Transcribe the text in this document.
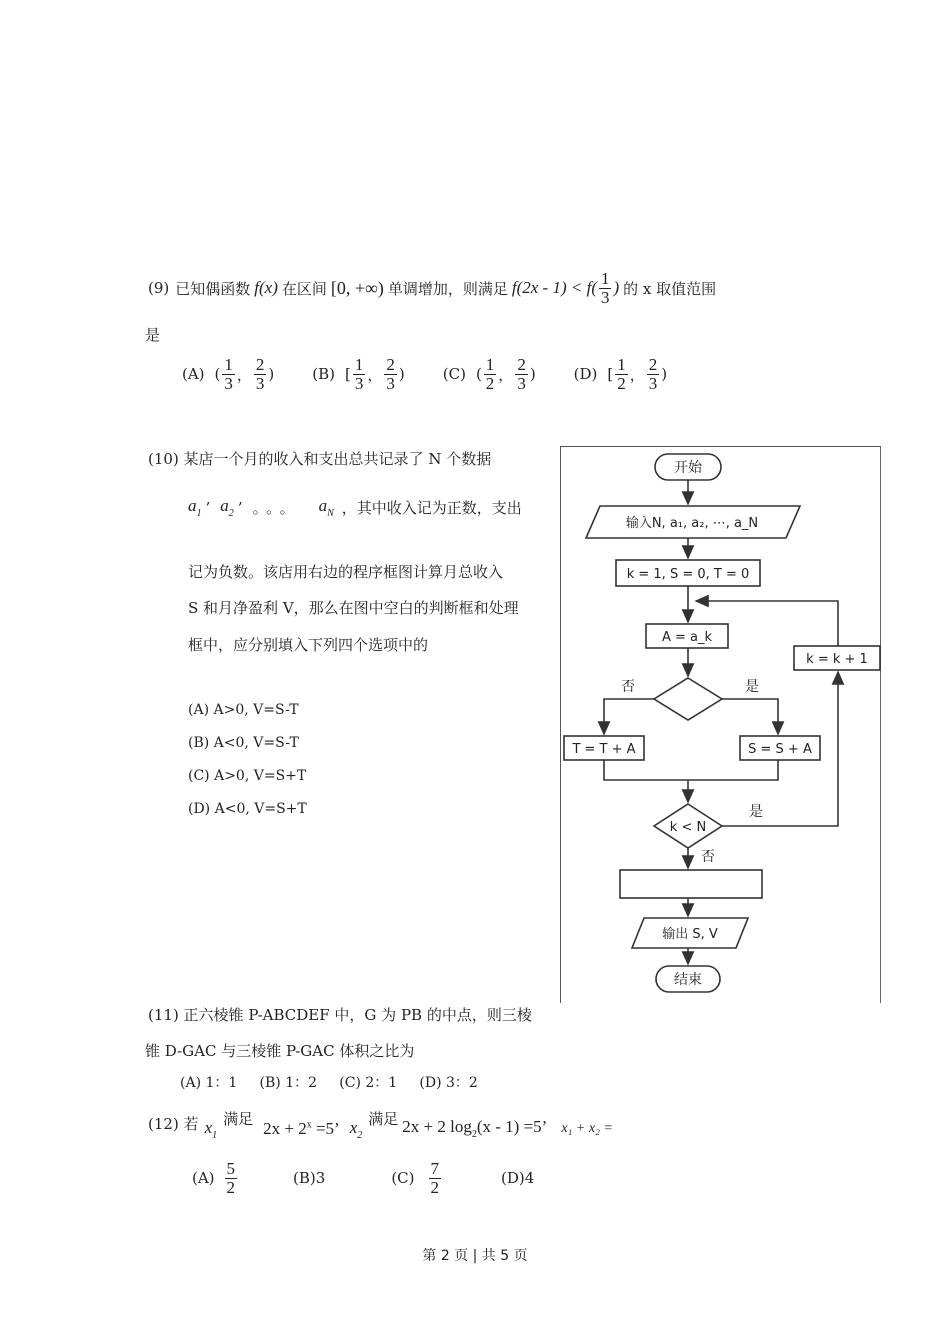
(9) 已知偶函数 f(x) 在区间 [0, +∞) 单调增加，则满足 $f(2x - 1) < f( \frac{1}{3}$ ) 的 x 取值范围
是
(A) ( $\frac{1}{3}$ ， $\frac{2}{3}$ )	(B) [ $\frac{1}{3}$ ， $\frac{2}{3}$ )	(C) ( $\frac{1}{2}$ ， $\frac{2}{3}$ )	(D) [ $\frac{1}{2}$ ， $\frac{2}{3}$ )
(10) 某店一个月的收入和支出总共记录了 N 个数据
$a_1$ ’ $a_2$ ’ 。。。 $a_N$ ，其中收入记为正数，支出
记为负数。该店用右边的程序框图计算月总收入
S 和月净盈利 V，那么在图中空白的判断框和处理
框中，应分别填入下列四个选项中的
(A) A>0, V=S-T
(B) A<0, V=S-T
(C) A>0, V=S+T
(D) A<0, V=S+T
开始
输入N, a₁, a₂, ⋯, a_N
k = 1, S = 0, T = 0
A = a_k
否	是
T = T + A	S = S + A
k = k + 1
k < N
是
否
输出 S, V
结束
(11) 正六棱锥 P-ABCDEF 中，G 为 PB 的中点，则三棱
锥 D-GAC 与三棱锥 P-GAC 体积之比为
(A) 1：1     (B) 1：2     (C) 2：1     (D) 3：2
(12) 若 $x_1$
满足 $2x + 2^x =5$’ $x_2$
满足 2x + 2 $\log_2(x - 1) =5$’ x₁ + x₂ =
$(A) \frac{5}{2}$	(B)3	$(C) \frac{7}{2}$	(D)4
第 2 页 | 共 5 页
